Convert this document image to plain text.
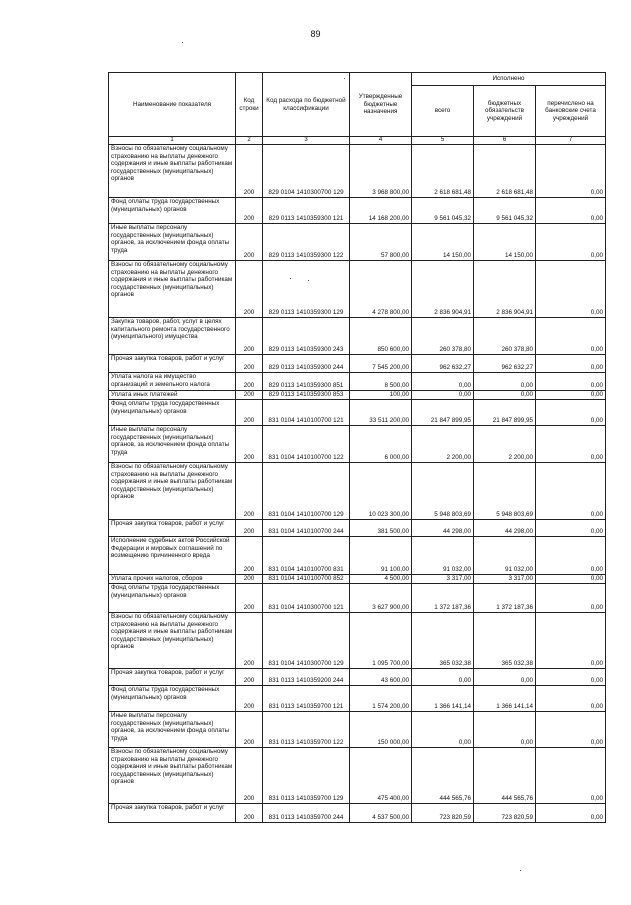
89
Наименование показателя	Код строки	Код расхода по бюджетной классификации	Утвержденные бюджетные назначения	Исполнено		
				всего	бюджетных обязательств учреждений	перечислено на банковские счета учреждений
1	2	3	4	5	6	7
Взносы по обязательному социальному страхованию на выплаты денежного содержания и иные выплаты работникам государственных (муниципальных) органов	200	829 0104 1410300700 129	3 968 800,00	2 618 681,48	2 618 681,48	0,00
Фонд оплаты труда государственных (муниципальных) органов	200	829 0113 1410359300 121	14 168 200,00	9 561 045,32	9 561 045,32	0,00
Иные выплаты персоналу государственных (муниципальных) органов, за исключением фонда оплаты труда	200	829 0113 1410359300 122	57 800,00	14 150,00	14 150,00	0,00
Взносы по обязательному социальному страхованию на выплаты денежного содержания и иные выплаты работникам государственных (муниципальных) органов	200	829 0113 1410359300 129	4 278 800,00	2 836 904,91	2 836 904,91	0,00
Закупка товаров, работ, услуг в целях капитального ремонта государственного (муниципального) имущества	200	829 0113 1410359300 243	850 600,00	260 378,80	260 378,80	0,00
Прочая закупка товаров, работ и услуг	200	829 0113 1410359300 244	7 545 200,00	962 632,27	962 632,27	0,00
Уплата налога на имущество организаций и земельного налога	200	829 0113 1410359300 851	8 500,00	0,00	0,00	0,00
Уплата иных платежей	200	829 0113 1410359300 853	100,00	0,00	0,00	0,00
Фонд оплаты труда государственных (муниципальных) органов	200	831 0104 1410100700 121	33 511 200,00	21 847 899,95	21 847 899,95	0,00
Иные выплаты персоналу государственных (муниципальных) органов, за исключением фонда оплаты труда	200	831 0104 1410100700 122	6 000,00	2 200,00	2 200,00	0,00
Взносы по обязательному социальному страхованию на выплаты денежного содержания и иные выплаты работникам государственных (муниципальных) органов	200	831 0104 1410100700 129	10 023 300,00	5 948 803,69	5 948 803,69	0,00
Прочая закупка товаров, работ и услуг	200	831 0104 1410100700 244	381 500,00	44 298,00	44 298,00	0,00
Исполнение судебных актов Российской Федерации и мировых соглашений по возмещению причиненного вреда	200	831 0104 1410100700 831	91 100,00	91 032,00	91 032,00	0,00
Уплата прочих налогов, сборов	200	831 0104 1410100700 852	4 500,00	3 317,00	3 317,00	0,00
Фонд оплаты труда государственных (муниципальных) органов	200	831 0104 1410300700 121	3 627 900,00	1 372 187,36	1 372 187,36	0,00
Взносы по обязательному социальному страхованию на выплаты денежного содержания и иные выплаты работникам государственных (муниципальных) органов	200	831 0104 1410300700 129	1 095 700,00	365 032,38	365 032,38	0,00
Прочая закупка товаров, работ и услуг	200	831 0113 1410359200 244	43 600,00	0,00	0,00	0,00
Фонд оплаты труда государственных (муниципальных) органов	200	831 0113 1410359700 121	1 574 200,00	1 366 141,14	1 366 141,14	0,00
Иные выплаты персоналу государственных (муниципальных) органов, за исключением фонда оплаты труда	200	831 0113 1410359700 122	150 000,00	0,00	0,00	0,00
Взносы по обязательному социальному страхованию на выплаты денежного содержания и иные выплаты работникам государственных (муниципальных) органов	200	831 0113 1410359700 129	475 400,00	444 565,76	444 565,76	0,00
Прочая закупка товаров, работ и услуг	200	831 0113 1410359700 244	4 537 500,00	723 820,59	723 820,59	0,00
